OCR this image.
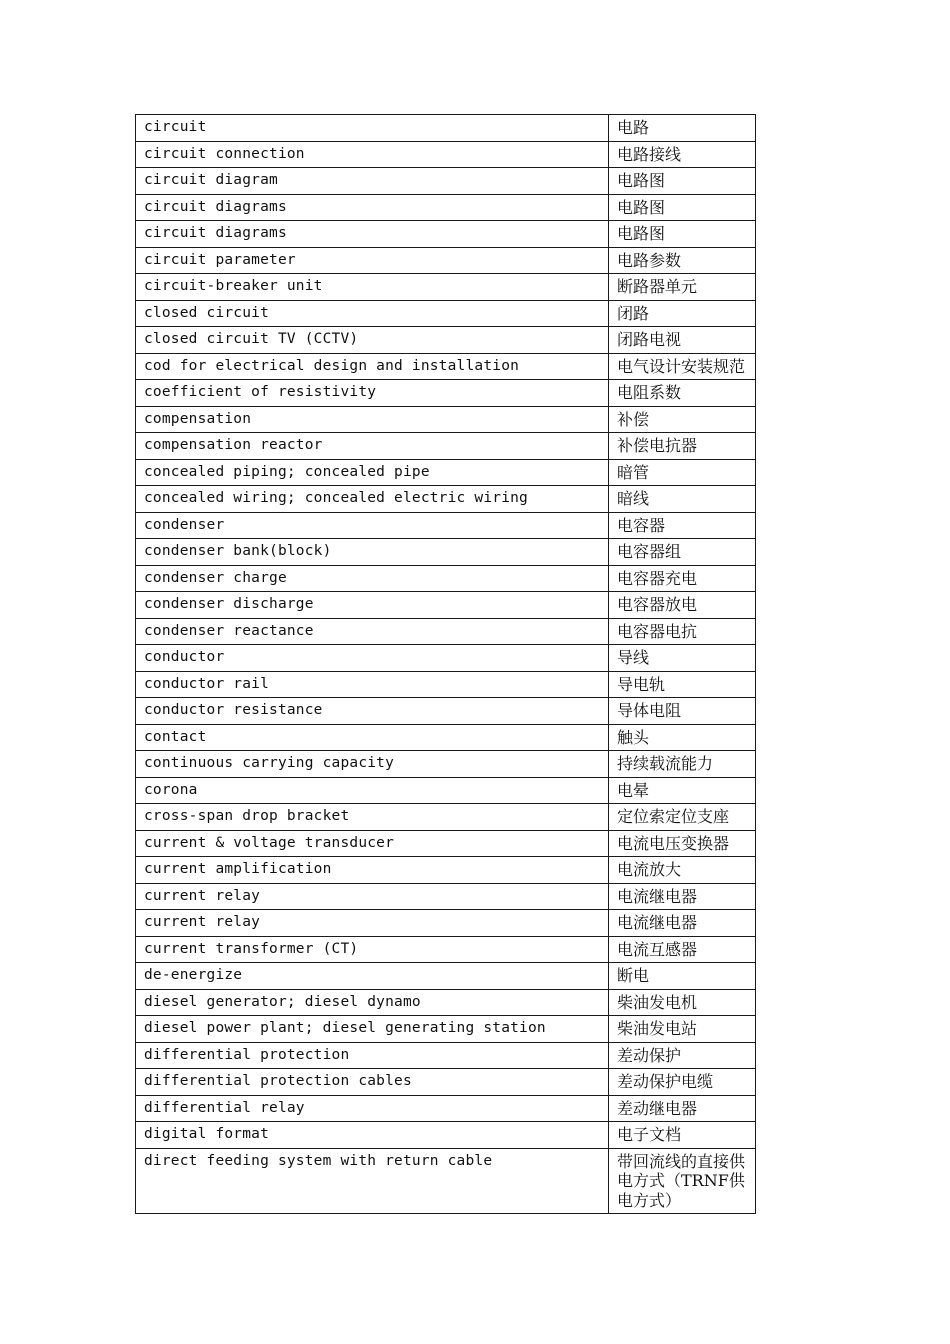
circuit	电路
circuit connection	电路接线
circuit diagram	电路图
circuit diagrams	电路图
circuit diagrams	电路图
circuit parameter	电路参数
circuit-breaker unit	断路器单元
closed circuit	闭路
closed circuit TV (CCTV)	闭路电视
cod for electrical design and installation	电气设计安装规范
coefficient of resistivity	电阻系数
compensation	补偿
compensation reactor	补偿电抗器
concealed piping; concealed pipe	暗管
concealed wiring; concealed electric wiring	暗线
condenser	电容器
condenser bank(block)	电容器组
condenser charge	电容器充电
condenser discharge	电容器放电
condenser reactance	电容器电抗
conductor	导线
conductor rail	导电轨
conductor resistance	导体电阻
contact	触头
continuous carrying capacity	持续载流能力
corona	电晕
cross-span drop bracket	定位索定位支座
current & voltage transducer	电流电压变换器
current amplification	电流放大
current relay	电流继电器
current relay	电流继电器
current transformer (CT)	电流互感器
de-energize	断电
diesel generator; diesel dynamo	柴油发电机
diesel power plant; diesel generating station	柴油发电站
differential protection	差动保护
differential protection cables	差动保护电缆
differential relay	差动继电器
digital format	电子文档
direct feeding system with return cable	带回流线的直接供电方式（TRNF供电方式）
